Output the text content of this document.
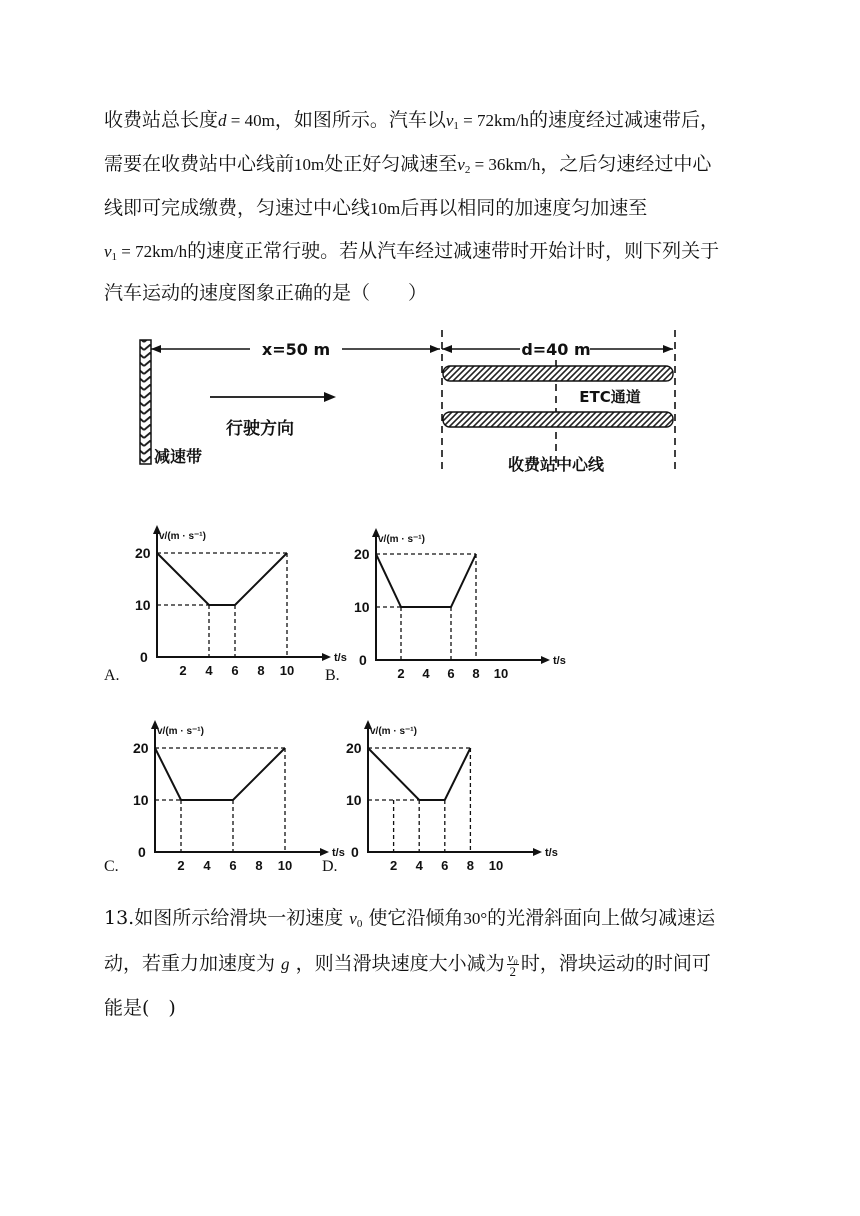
收费站总长度d = 40m，如图所示。汽车以$v_1 = 72km/h$的速度经过减速带后，
需要在收费站中心线前10m处正好匀减速至$v_2 = 36km/h$，之后匀速经过中心
线即可完成缴费，匀速过中心线10m后再以相同的加速度匀加速至
$v_1 = 72km/h$的速度正常行驶。若从汽车经过减速带时开始计时，则下列关于
汽车运动的速度图象正确的是（　　）
x=50 m	d=40 m
ETC通道
行驶方向
减速带	收费站中心线
v/(m · s⁻¹)
t/s
0
20
10
2 4 6 8 10
v/(m · s⁻¹)
t/s
0
20
10
2 4 6 8 10
v/(m · s⁻¹)
t/s
0
20
10
2 4 6 8 10
v/(m · s⁻¹)
t/s
0
20
10
2 4 6 8 10
A.	B.
C.	D.
13.如图所示给滑块一初速度 $v_0$ 使它沿倾角30°的光滑斜面向上做匀减速运
动，若重力加速度为 g ，则当滑块速度大小减为 $\frac{\text{v₀}}{2}$ 时，滑块运动的时间可
能是(　)
